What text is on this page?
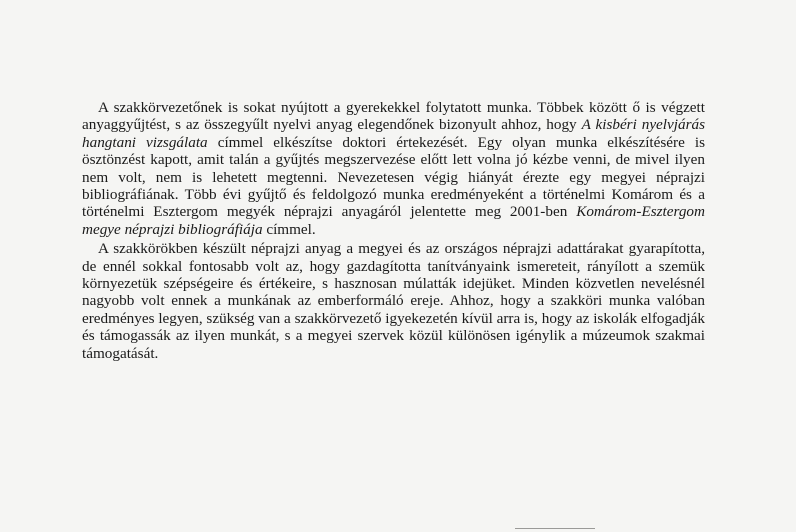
A szakkörvezetőnek is sokat nyújtott a gyerekekkel folytatott munka. Többek között ő is végzett anyaggyűjtést, s az összegyűlt nyelvi anyag elegendőnek bizonyult ahhoz, hogy A kisbéri nyelvjárás hangtani vizsgálata címmel elkészítse doktori értekezését. Egy olyan munka elkészítésére is ösztönzést kapott, amit talán a gyűjtés megszervezése előtt lett volna jó kézbe venni, de mivel ilyen nem volt, nem is lehetett megtenni. Nevezetesen végig hiányát érezte egy megyei néprajzi bibliográfiának. Több évi gyűjtő és feldolgozó munka eredményeként a történelmi Komárom és a történelmi Esztergom megyék néprajzi anyagáról jelentette meg 2001-ben Komárom-Esztergom megye néprajzi bibliográfiája címmel.

A szakkörökben készült néprajzi anyag a megyei és az országos néprajzi adattárakat gyarapította, de ennél sokkal fontosabb volt az, hogy gazdagította tanítványaink ismereteit, rányílott a szemük környezetük szépségeire és értékeire, s hasznosan múlatták idejüket. Minden közvetlen nevelésnél nagyobb volt ennek a munkának az emberformáló ereje. Ahhoz, hogy a szakköri munka valóban eredményes legyen, szükség van a szakkörvezető igyekezetén kívül arra is, hogy az iskolák elfogadják és támogassák az ilyen munkát, s a megyei szervek közül különösen igénylik a múzeumok szakmai támogatását.
